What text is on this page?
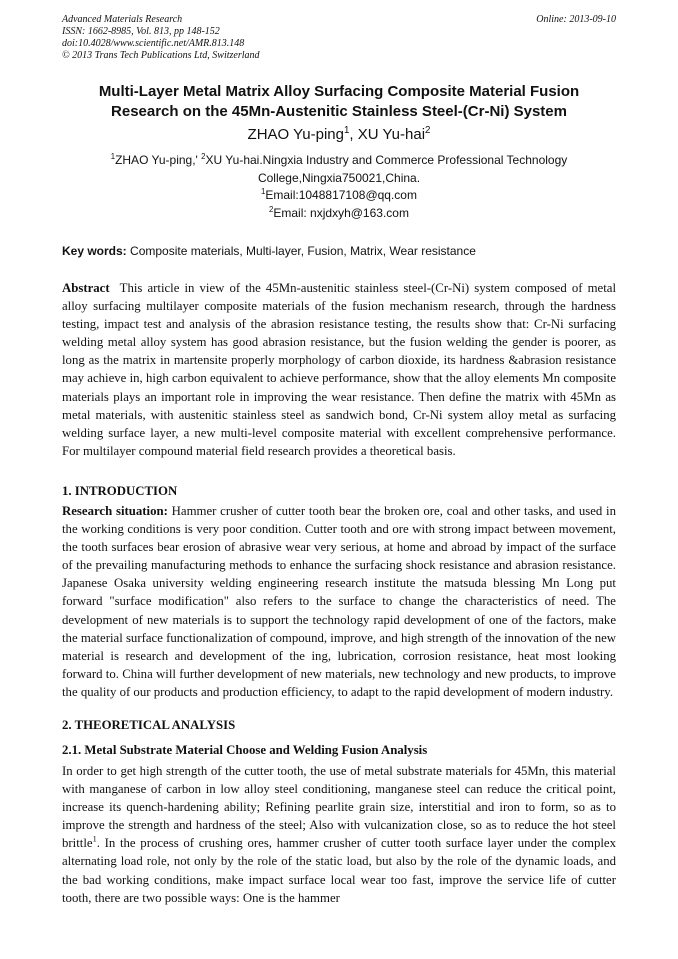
Advanced Materials Research
ISSN: 1662-8985, Vol. 813, pp 148-152
doi:10.4028/www.scientific.net/AMR.813.148
© 2013 Trans Tech Publications Ltd, Switzerland
Online: 2013-09-10
Multi-Layer Metal Matrix Alloy Surfacing Composite Material Fusion
Research on the 45Mn-Austenitic Stainless Steel-(Cr-Ni) System
ZHAO Yu-ping$^1$, XU Yu-hai$^2$
$^1$ZHAO Yu-ping,' $^2$XU Yu-hai.Ningxia Industry and Commerce Professional Technology
College,Ningxia750021,China.
$^1$Email:1048817108@qq.com
$^2$Email: nxjdxyh@163.com
Key words: Composite materials, Multi-layer, Fusion, Matrix, Wear resistance
Abstract This article in view of the 45Mn-austenitic stainless steel-(Cr-Ni) system composed of metal alloy surfacing multilayer composite materials of the fusion mechanism research, through the hardness testing, impact test and analysis of the abrasion resistance testing, the results show that: Cr-Ni surfacing welding metal alloy system has good abrasion resistance, but the fusion welding the gender is poorer, as long as the matrix in martensite properly morphology of carbon dioxide, its hardness &abrasion resistance may achieve in, high carbon equivalent to achieve performance, show that the alloy elements Mn composite materials plays an important role in improving the wear resistance. Then define the matrix with 45Mn as metal materials, with austenitic stainless steel as sandwich bond, Cr-Ni system alloy metal as surfacing welding surface layer, a new multi-level composite material with excellent comprehensive performance. For multilayer compound material field research provides a theoretical basis.
1. INTRODUCTION
Research situation: Hammer crusher of cutter tooth bear the broken ore, coal and other tasks, and used in the working conditions is very poor condition. Cutter tooth and ore with strong impact between movement, the tooth surfaces bear erosion of abrasive wear very serious, at home and abroad by impact of the surface of the prevailing manufacturing methods to enhance the surfacing shock resistance and abrasion resistance. Japanese Osaka university welding engineering research institute the matsuda blessing Mn Long put forward "surface modification" also refers to the surface to change the characteristics of need. The development of new materials is to support the technology rapid development of one of the factors, make the material surface functionalization of compound, improve, and high strength of the innovation of the new material is research and development of the ing, lubrication, corrosion resistance, heat most looking forward to. China will further development of new materials, new technology and new products, to improve the quality of our products and production efficiency, to adapt to the rapid development of modern industry.
2. THEORETICAL ANALYSIS
2.1. Metal Substrate Material Choose and Welding Fusion Analysis
In order to get high strength of the cutter tooth, the use of metal substrate materials for 45Mn, this material with manganese of carbon in low alloy steel conditioning, manganese steel can reduce the critical point, increase its quench-hardening ability; Refining pearlite grain size, interstitial and iron to form, so as to improve the strength and hardness of the steel; Also with vulcanization close, so as to reduce the hot steel brittle$^1$. In the process of crushing ores, hammer crusher of cutter tooth surface layer under the complex alternating load role, not only by the role of the static load, but also by the role of the dynamic loads, and the bad working conditions, make impact surface local wear too fast, improve the service life of cutter tooth, there are two possible ways: One is the hammer
